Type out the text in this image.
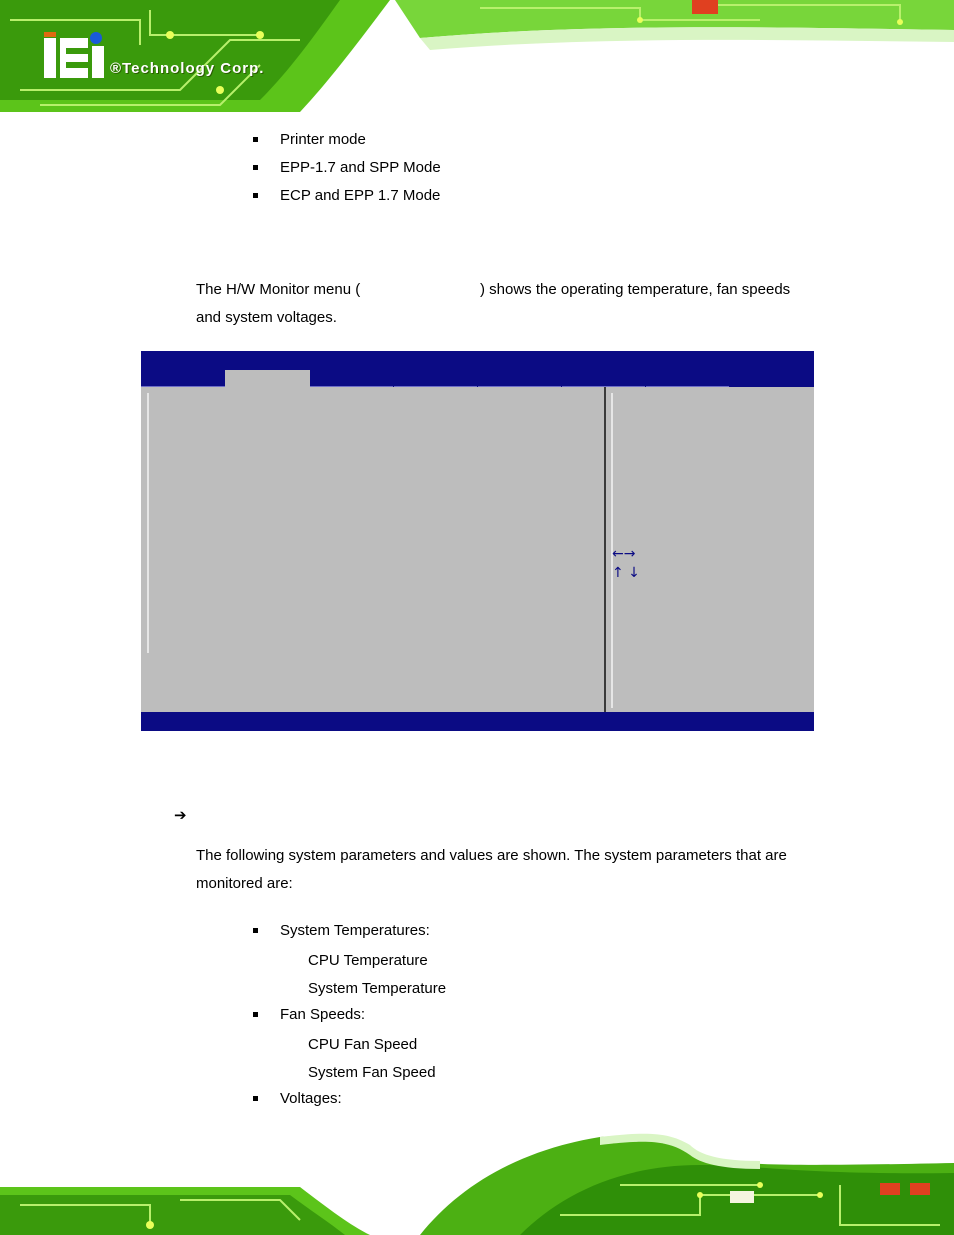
®Technology Corp.
Printer mode
EPP-1.7 and SPP Mode
ECP and EPP 1.7 Mode
The H/W Monitor menu (	) shows the operating temperature, fan speeds
and system voltages.
←→
↑ ↓
➔
The following system parameters and values are shown. The system parameters that are
monitored are:
System Temperatures:
CPU Temperature
System Temperature
Fan Speeds:
CPU Fan Speed
System Fan Speed
Voltages:
